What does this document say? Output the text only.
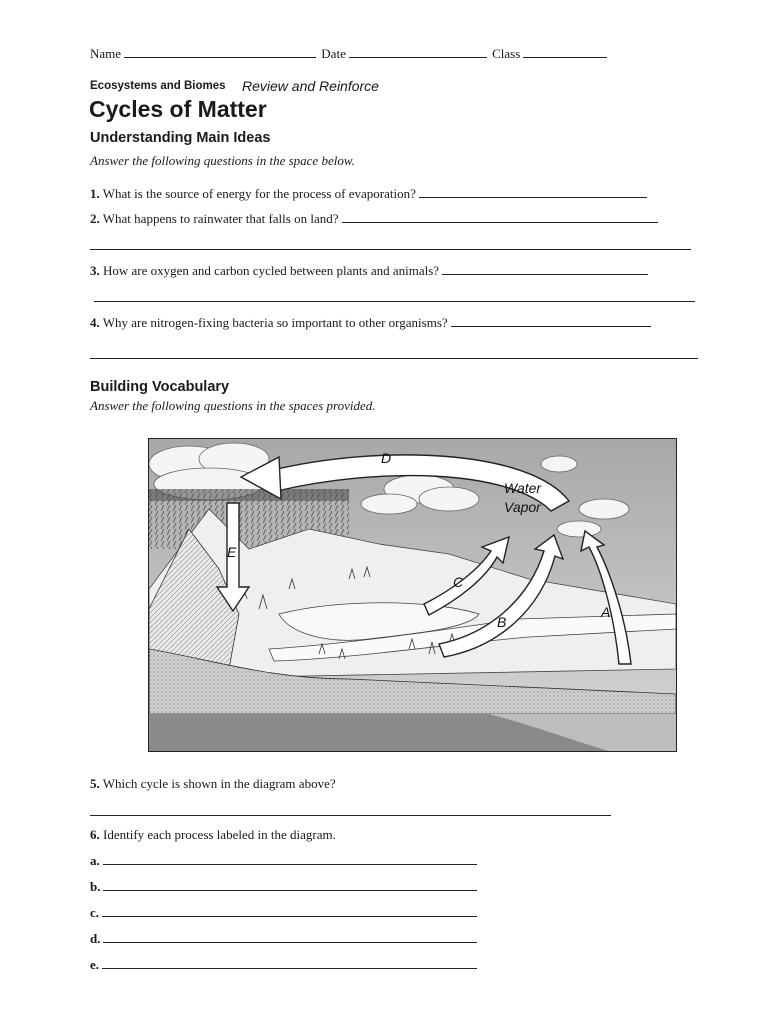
Name	Date	Class
Ecosystems and Biomes Review and Reinforce
Cycles of Matter
Understanding Main Ideas
Answer the following questions in the space below.
1. What is the source of energy for the process of evaporation?
2. What happens to rainwater that falls on land?
3. How are oxygen and carbon cycled between plants and animals?
4. Why are nitrogen-fixing bacteria so important to other organisms?
Building Vocabulary
Answer the following questions in the spaces provided.
D
E
C
B
A
Water
Vapor
5. Which cycle is shown in the diagram above?
6. Identify each process labeled in the diagram.
a.
b.
c.
d.
e.
